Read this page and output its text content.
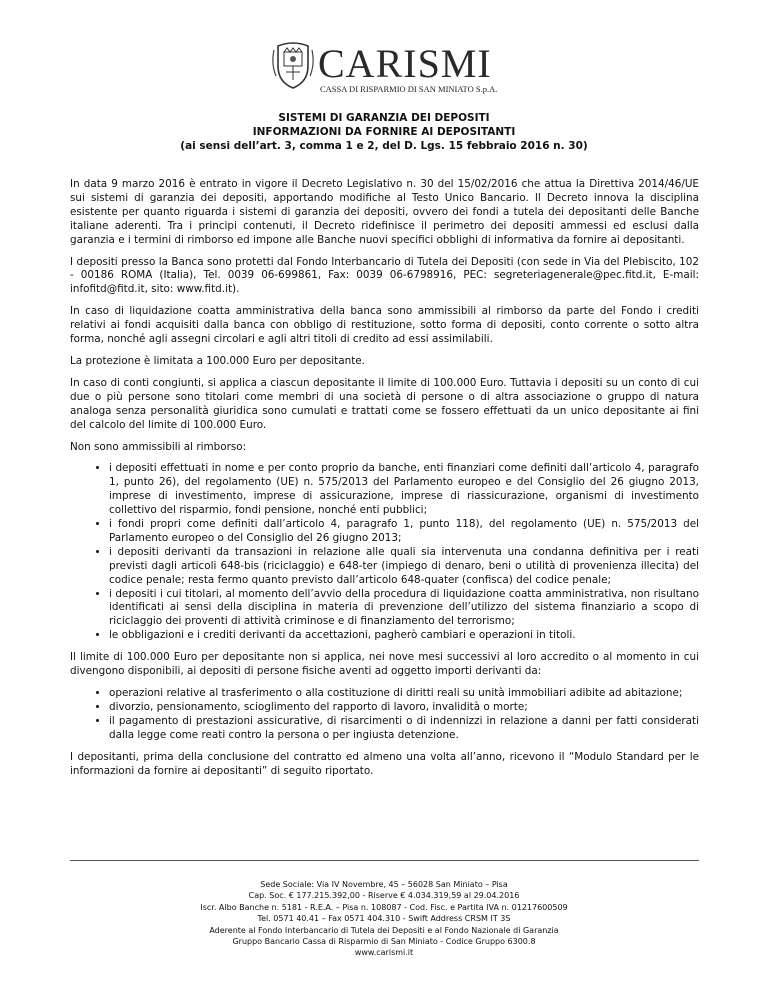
CARISMI
CASSA DI RISPARMIO DI SAN MINIATO S.p.A.
SISTEMI DI GARANZIA DEI DEPOSITI
INFORMAZIONI DA FORNIRE AI DEPOSITANTI
(ai sensi dell’art. 3, comma 1 e 2, del D. Lgs. 15 febbraio 2016 n. 30)

In data 9 marzo 2016 è entrato in vigore il Decreto Legislativo n. 30 del 15/02/2016 che attua la Direttiva 2014/46/UE sui sistemi di garanzia dei depositi, apportando modifiche al Testo Unico Bancario. Il Decreto innova la disciplina esistente per quanto riguarda i sistemi di garanzia dei depositi, ovvero dei fondi a tutela dei depositanti delle Banche italiane aderenti. Tra i principi contenuti, il Decreto ridefinisce il perimetro dei depositi ammessi ed esclusi dalla garanzia e i termini di rimborso ed impone alle Banche nuovi specifici obblighi di informativa da fornire ai depositanti.

I depositi presso la Banca sono protetti dal Fondo Interbancario di Tutela dei Depositi (con sede in Via del Plebiscito, 102 - 00186 ROMA (Italia), Tel. 0039 06-699861, Fax: 0039 06-6798916, PEC: segreteriagenerale@pec.fitd.it, E-mail: infofitd@fitd.it, sito: www.fitd.it).

In caso di liquidazione coatta amministrativa della banca sono ammissibili al rimborso da parte del Fondo i crediti relativi ai fondi acquisiti dalla banca con obbligo di restituzione, sotto forma di depositi, conto corrente o sotto altra forma, nonché agli assegni circolari e agli altri titoli di credito ad essi assimilabili.

La protezione è limitata a 100.000 Euro per depositante.

In caso di conti congiunti, si applica a ciascun depositante il limite di 100.000 Euro. Tuttavia i depositi su un conto di cui due o più persone sono titolari come membri di una società di persone o di altra associazione o gruppo di natura analoga senza personalità giuridica sono cumulati e trattati come se fossero effettuati da un unico depositante ai fini del calcolo del limite di 100.000 Euro.

Non sono ammissibili al rimborso:

• i depositi effettuati in nome e per conto proprio da banche, enti finanziari come definiti dall’articolo 4, paragrafo 1, punto 26), del regolamento (UE) n. 575/2013 del Parlamento europeo e del Consiglio del 26 giugno 2013, imprese di investimento, imprese di assicurazione, imprese di riassicurazione, organismi di investimento collettivo del risparmio, fondi pensione, nonché enti pubblici;
• i fondi propri come definiti dall’articolo 4, paragrafo 1, punto 118), del regolamento (UE) n. 575/2013 del Parlamento europeo o del Consiglio del 26 giugno 2013;
• i depositi derivanti da transazioni in relazione alle quali sia intervenuta una condanna definitiva per i reati previsti dagli articoli 648-bis (riciclaggio) e 648-ter (impiego di denaro, beni o utilità di provenienza illecita) del codice penale; resta fermo quanto previsto dall’articolo 648-quater (confisca) del codice penale;
• i depositi i cui titolari, al momento dell’avvio della procedura di liquidazione coatta amministrativa, non risultano identificati ai sensi della disciplina in materia di prevenzione dell’utilizzo del sistema finanziario a scopo di riciclaggio dei proventi di attività criminose e di finanziamento del terrorismo;
• le obbligazioni e i crediti derivanti da accettazioni, pagherò cambiari e operazioni in titoli.

Il limite di 100.000 Euro per depositante non si applica, nei nove mesi successivi al loro accredito o al momento in cui divengono disponibili, ai depositi di persone fisiche aventi ad oggetto importi derivanti da:

• operazioni relative al trasferimento o alla costituzione di diritti reali su unità immobiliari adibite ad abitazione;
• divorzio, pensionamento, scioglimento del rapporto di lavoro, invalidità o morte;
• il pagamento di prestazioni assicurative, di risarcimenti o di indennizzi in relazione a danni per fatti considerati dalla legge come reati contro la persona o per ingiusta detenzione.

I depositanti, prima della conclusione del contratto ed almeno una volta all’anno, ricevono il “Modulo Standard per le informazioni da fornire ai depositanti” di seguito riportato.

Sede Sociale: Via IV Novembre, 45 – 56028 San Miniato – Pisa
Cap. Soc. € 177.215.392,00 - Riserve € 4.034.319,59 al 29.04.2016
Iscr. Albo Banche n. 5181 - R.E.A. – Pisa n. 108087 - Cod. Fisc. e Partita IVA n. 01217600509
Tel. 0571 40.41 – Fax 0571 404.310 - Swift Address CRSM IT 3S
Aderente al Fondo Interbancario di Tutela dei Depositi e al Fondo Nazionale di Garanzia
Gruppo Bancario Cassa di Risparmio di San Miniato - Codice Gruppo 6300.8
www.carismi.it
